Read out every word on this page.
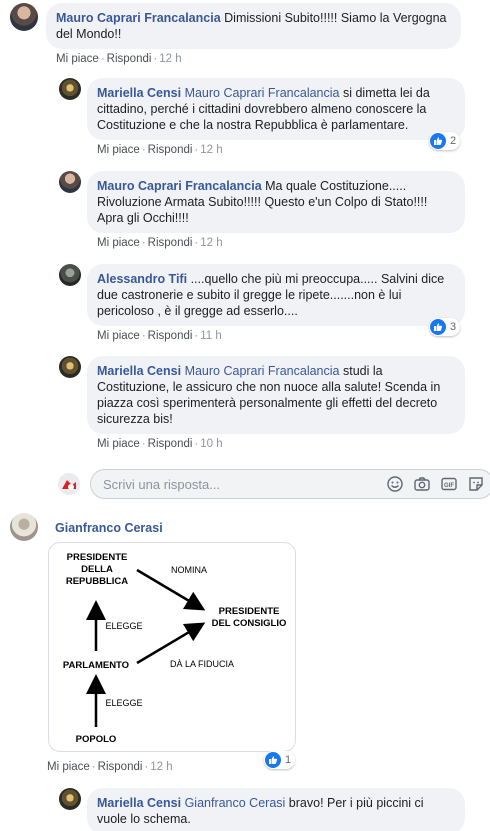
Mauro Caprari Francalancia Dimissioni Subito!!!!! Siamo la Vergogna del Mondo!!
Mi piace · Rispondi · 12 h
Mariella Censi Mauro Caprari Francalancia si dimetta lei da cittadino, perché i cittadini dovrebbero almeno conoscere la Costituzione e che la nostra Repubblica è parlamentare.
Mi piace · Rispondi · 12 h
2
Mauro Caprari Francalancia Ma quale Costituzione..... Rivoluzione Armata Subito!!!!! Questo e'un Colpo di Stato!!!! Apra gli Occhi!!!!
Mi piace · Rispondi · 12 h
Alessandro Tifi ....quello che più mi preoccupa..... Salvini dice due castronerie e subito il gregge le ripete.......non è lui pericoloso , è il gregge ad esserlo....
Mi piace · Rispondi · 11 h
3
Mariella Censi Mauro Caprari Francalancia studi la Costituzione, le assicuro che non nuoce alla salute! Scenda in piazza così sperimenterà personalmente gli effetti del decreto sicurezza bis!
Mi piace · Rispondi · 10 h
Scrivi una risposta...	GIF
Gianfranco Cerasi
PRESIDENTE
DELLA
REPUBBLICA
NOMINA
PRESIDENTE
DEL CONSIGLIO
ELEGGE
PARLAMENTO	DÀ LA FIDUCIA
ELEGGE
POPOLO
1
Mi piace · Rispondi · 12 h
Mariella Censi Gianfranco Cerasi bravo! Per i più piccini ci vuole lo schema.
